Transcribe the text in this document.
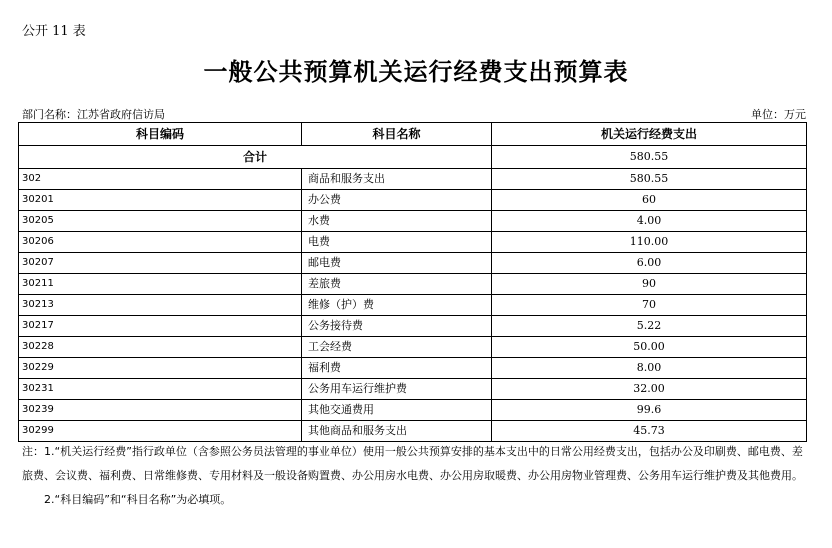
公开 11 表
一般公共预算机关运行经费支出预算表
部门名称：江苏省政府信访局	单位：万元
科目编码	科目名称	机关运行经费支出
合计		580.55
302	商品和服务支出	580.55
30201	办公费	60
30205	水费	4.00
30206	电费	110.00
30207	邮电费	6.00
30211	差旅费	90
30213	维修（护）费	70
30217	公务接待费	5.22
30228	工会经费	50.00
30229	福利费	8.00
30231	公务用车运行维护费	32.00
30239	其他交通费用	99.6
30299	其他商品和服务支出	45.73
注：1.“机关运行经费”指行政单位（含参照公务员法管理的事业单位）使用一般公共预算安排的基本支出中的日常公用经费支出，包括办公及印刷费、邮电费、差旅费、会议费、福利费、日常维修费、专用材料及一般设备购置费、办公用房水电费、办公用房取暖费、办公用房物业管理费、公务用车运行维护费及其他费用。
2.“科目编码”和“科目名称”为必填项。
